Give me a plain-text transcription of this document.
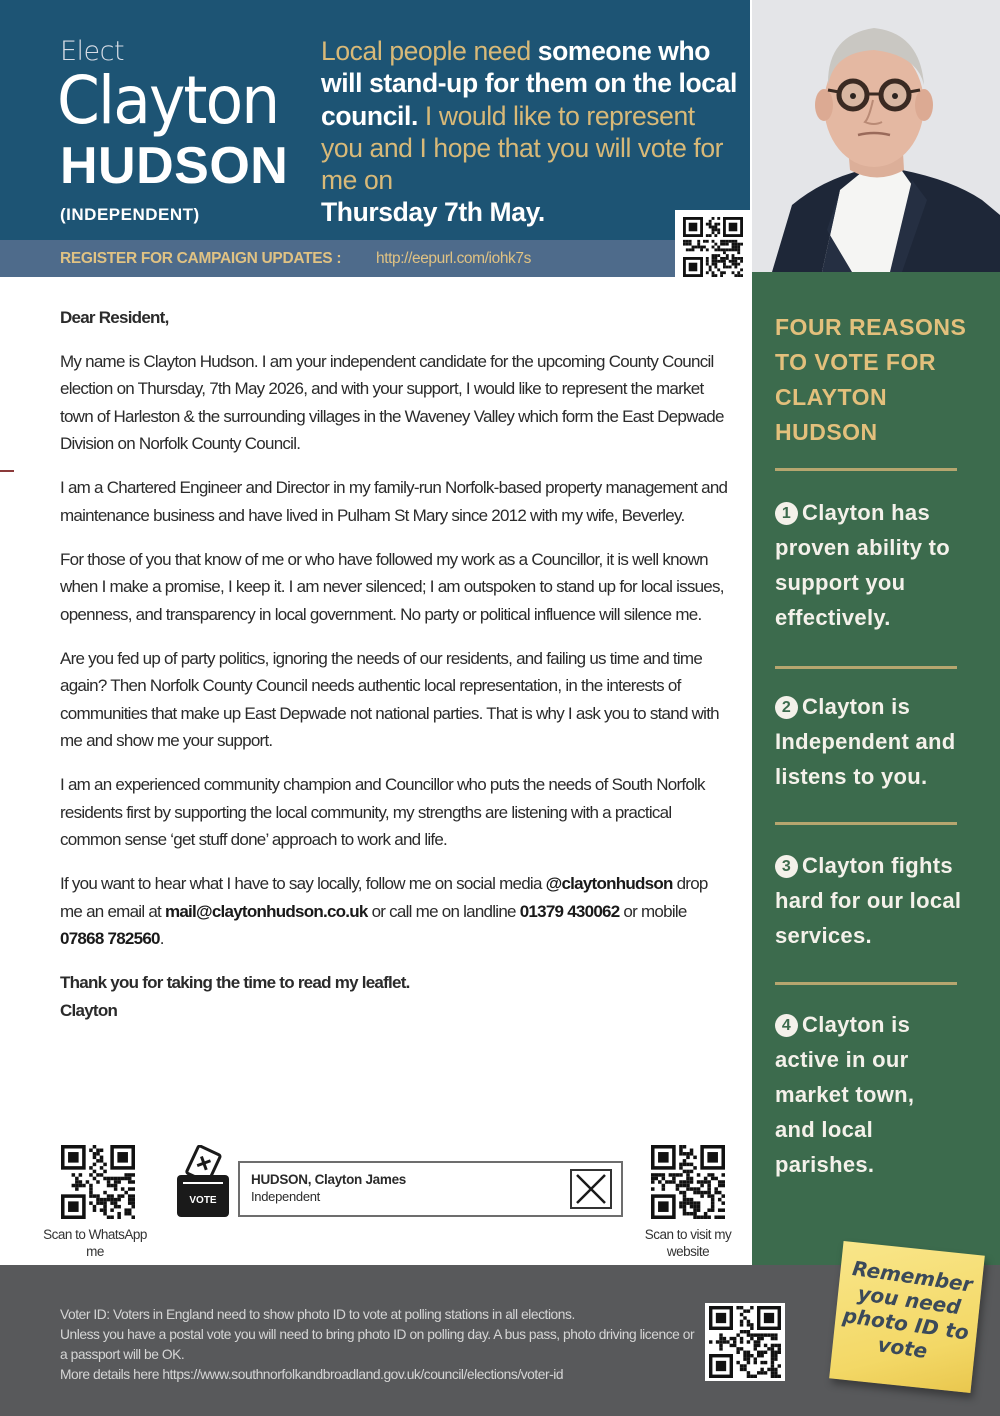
Elect
Clayton
HUDSON
(INDEPENDENT)
Local people need someone who will stand-up for them on the local council. I would like to represent you and I hope that you will vote for me on
Thursday 7th May.
REGISTER FOR CAMPAIGN UPDATES : http://eepurl.com/iohk7s
FOUR REASONS TO VOTE FOR CLAYTON HUDSON
1 Clayton has proven ability to support you effectively.
2 Clayton is Independent and listens to you.
3 Clayton fights hard for our local services.
4 Clayton is active in our market town, and local parishes.

Dear Resident,

My name is Clayton Hudson. I am your independent candidate for the upcoming County Council election on Thursday, 7th May 2026, and with your support, I would like to represent the market town of Harleston & the surrounding villages in the Waveney Valley which form the East Depwade Division on Norfolk County Council.

I am a Chartered Engineer and Director in my family-run Norfolk-based property management and maintenance business and have lived in Pulham St Mary since 2012 with my wife, Beverley.

For those of you that know of me or who have followed my work as a Councillor, it is well known when I make a promise, I keep it. I am never silenced; I am outspoken to stand up for local issues, openness, and transparency in local government. No party or political influence will silence me.

Are you fed up of party politics, ignoring the needs of our residents, and failing us time and time again? Then Norfolk County Council needs authentic local representation, in the interests of communities that make up East Depwade not national parties. That is why I ask you to stand with me and show me your support.

I am an experienced community champion and Councillor who puts the needs of South Norfolk residents first by supporting the local community, my strengths are listening with a practical common sense ‘get stuff done’ approach to work and life.

If you want to hear what I have to say locally, follow me on social media @claytonhudson drop me an email at mail@claytonhudson.co.uk or call me on landline 01379 430062 or mobile 07868 782560.

Thank you for taking the time to read my leaflet.

Clayton

Scan to WhatsApp me
VOTE
HUDSON, Clayton James
Independent
Scan to visit my website
Voter ID: Voters in England need to show photo ID to vote at polling stations in all elections.
Unless you have a postal vote you will need to bring photo ID on polling day. A bus pass, photo driving licence or a passport will be OK.
More details here https://www.southnorfolkandbroadland.gov.uk/council/elections/voter-id
Remember you need photo ID to vote
